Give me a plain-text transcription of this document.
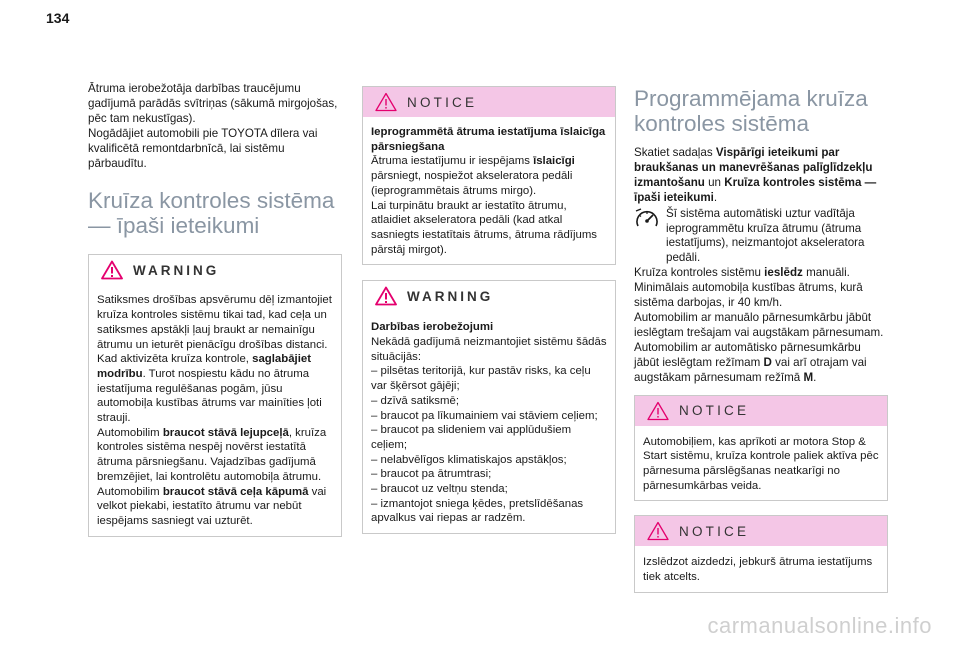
134

Ātruma ierobežotāja darbības traucējumu gadījumā parādās svītriņas (sākumā mirgojošas, pēc tam nekustīgas).

Nogādājiet automobili pie TOYOTA dīlera vai kvalificētā remontdarbnīcā, lai sistēmu pārbaudītu.

Kruīza kontroles sistēma — īpaši ieteikumi
WARNING

Satiksmes drošības apsvērumu dēļ izmantojiet kruīza kontroles sistēmu tikai tad, kad ceļa un satiksmes apstākļi ļauj braukt ar nemainīgu ātrumu un ieturēt pienācīgu drošības distanci.

Kad aktivizēta kruīza kontrole, saglabājiet modrību. Turot nospiestu kādu no ātruma iestatījuma regulēšanas pogām, jūsu automobiļa kustības ātrums var mainīties ļoti strauji.

Automobilim braucot stāvā lejupceļā, kruīza kontroles sistēma nespēj novērst iestatītā ātruma pārsniegšanu. Vajadzības gadījumā bremzējiet, lai kontrolētu automobiļa ātrumu.

Automobilim braucot stāvā ceļa kāpumā vai velkot piekabi, iestatīto ātrumu var nebūt iespējams sasniegt vai uzturēt.

NOTICE

Ieprogrammētā ātruma iestatījuma īslaicīga pārsniegšana

Ātruma iestatījumu ir iespējams īslaicīgi pārsniegt, nospiežot akseleratora pedāli (ieprogrammētais ātrums mirgo).

Lai turpinātu braukt ar iestatīto ātrumu, atlaidiet akseleratora pedāli (kad atkal sasniegts iestatītais ātrums, ātruma rādījums pārstāj mirgot).

WARNING

Darbības ierobežojumi

Nekādā gadījumā neizmantojiet sistēmu šādās situācijās:

– pilsētas teritorijā, kur pastāv risks, ka ceļu var šķērsot gājēji;

– dzīvā satiksmē;

– braucot pa līkumainiem vai stāviem ceļiem;

– braucot pa slideniem vai applūdušiem ceļiem;

– nelabvēlīgos klimatiskajos apstākļos;

– braucot pa ātrumtrasi;

– braucot uz veltņu stenda;

– izmantojot sniega ķēdes, pretslīdēšanas apvalkus vai riepas ar radzēm.

Programmējama kruīza kontroles sistēma

Skatiet sadaļas Vispārīgi ieteikumi par braukšanas un manevrēšanas palīglīdzekļu izmantošanu un Kruīza kontroles sistēma — īpaši ieteikumi.

Šī sistēma automātiski uztur vadītāja ieprogrammētu kruīza ātrumu (ātruma iestatījums), neizmantojot akseleratora pedāli.

Kruīza kontroles sistēmu ieslēdz manuāli.

Minimālais automobiļa kustības ātrums, kurā sistēma darbojas, ir 40 km/h.

Automobilim ar manuālo pārnesumkārbu jābūt ieslēgtam trešajam vai augstākam pārnesumam.

Automobilim ar automātisko pārnesumkārbu jābūt ieslēgtam režīmam D vai arī otrajam vai augstākam pārnesumam režīmā M.

NOTICE

Automobiļiem, kas aprīkoti ar motora Stop & Start sistēmu, kruīza kontrole paliek aktīva pēc pārnesuma pārslēgšanas neatkarīgi no pārnesumkārbas veida.

NOTICE

Izslēdzot aizdedzi, jebkurš ātruma iestatījums tiek atcelts.

carmanualsonline.info
